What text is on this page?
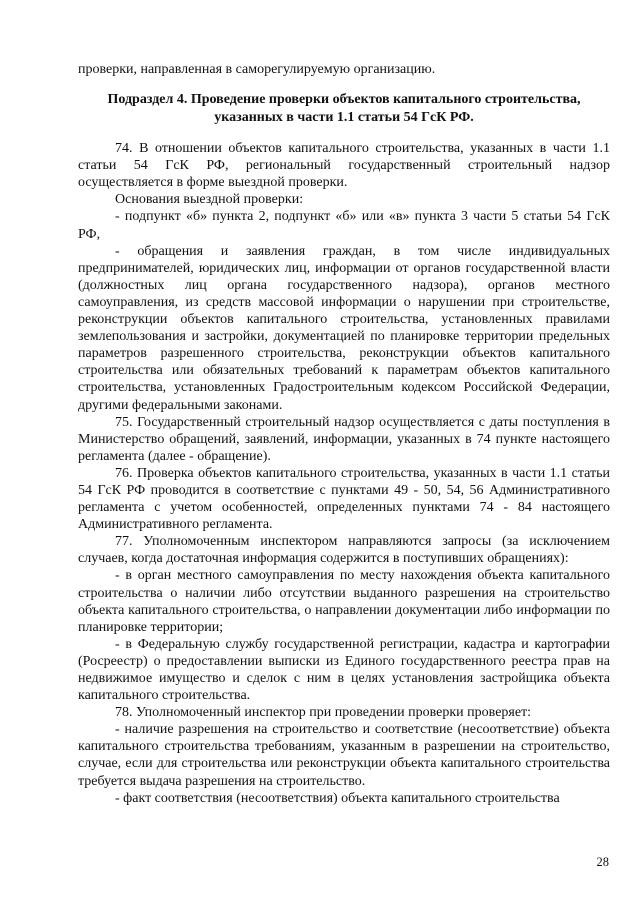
проверки, направленная в саморегулируемую организацию.

Подраздел 4. Проведение проверки объектов капитального строительства, указанных в части 1.1 статьи 54 ГсК РФ.

74. В отношении объектов капитального строительства, указанных в части 1.1 статьи 54 ГсК РФ, региональный государственный строительный надзор осуществляется в форме выездной проверки.

Основания выездной проверки:

- подпункт «б» пункта 2, подпункт «б» или «в» пункта 3 части 5 статьи 54 ГсК РФ,

- обращения и заявления граждан, в том числе индивидуальных предпринимателей, юридических лиц, информации от органов государственной власти (должностных лиц органа государственного надзора), органов местного самоуправления, из средств массовой информации о нарушении при строительстве, реконструкции объектов капитального строительства, установленных правилами землепользования и застройки, документацией по планировке территории предельных параметров разрешенного строительства, реконструкции объектов капитального строительства или обязательных требований к параметрам объектов капитального строительства, установленных Градостроительным кодексом Российской Федерации, другими федеральными законами.

75. Государственный строительный надзор осуществляется с даты поступления в Министерство обращений, заявлений, информации, указанных в 74 пункте настоящего регламента (далее - обращение).

76. Проверка объектов капитального строительства, указанных в части 1.1 статьи 54 ГсК РФ проводится в соответствие с пунктами 49 - 50, 54, 56 Административного регламента с учетом особенностей, определенных пунктами 74 - 84 настоящего Административного регламента.

77. Уполномоченным инспектором направляются запросы (за исключением случаев, когда достаточная информация содержится в поступивших обращениях):

- в орган местного самоуправления по месту нахождения объекта капитального строительства о наличии либо отсутствии выданного разрешения на строительство объекта капитального строительства, о направлении документации либо информации по планировке территории;

- в Федеральную службу государственной регистрации, кадастра и картографии (Росреестр) о предоставлении выписки из Единого государственного реестра прав на недвижимое имущество и сделок с ним в целях установления застройщика объекта капитального строительства.

78. Уполномоченный инспектор при проведении проверки проверяет:

- наличие разрешения на строительство и соответствие (несоответствие) объекта капитального строительства требованиям, указанным в разрешении на строительство, случае, если для строительства или реконструкции объекта капитального строительства требуется выдача разрешения на строительство.

- факт соответствия (несоответствия) объекта капитального строительства

28
